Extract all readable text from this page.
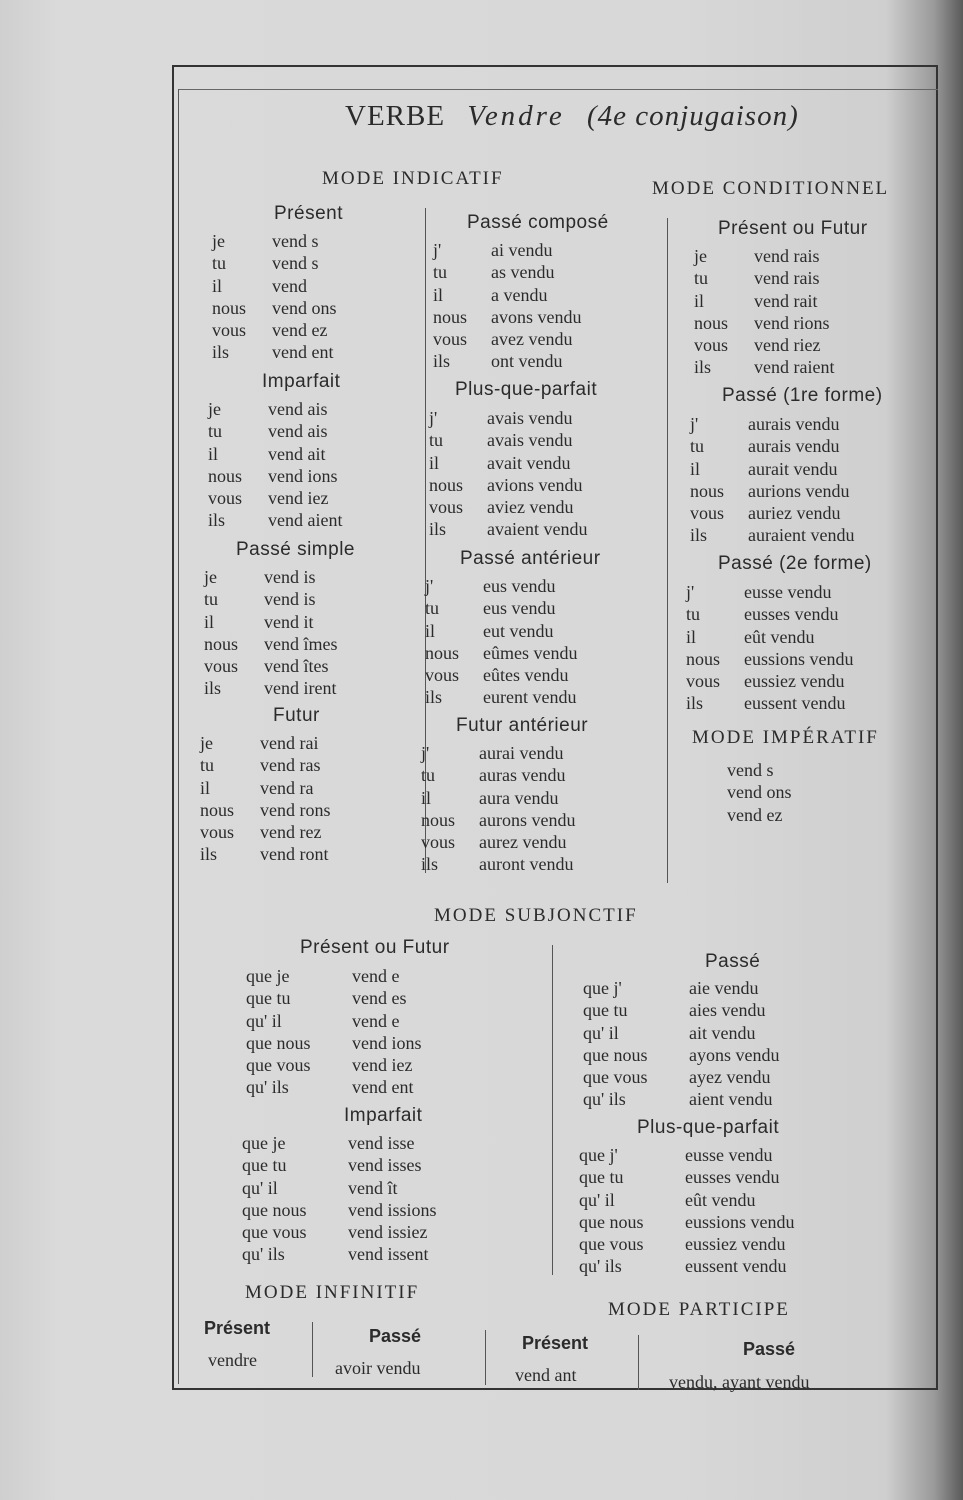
VERBE Vendre (4e conjugaison)
MODE INDICATIF	MODE CONDITIONNEL
Présent
je
tu
il
nous
vous
ils
vend s
vend s
vend
vend ons
vend ez
vend ent
Imparfait
je
tu
il
nous
vous
ils
vend ais
vend ais
vend ait
vend ions
vend iez
vend aient
Passé simple
je
tu
il
nous
vous
ils
vend is
vend is
vend it
vend îmes
vend îtes
vend irent
Futur
je
tu
il
nous
vous
ils
vend rai
vend ras
vend ra
vend rons
vend rez
vend ront
Passé composé
j'
tu
il
nous
vous
ils
ai vendu
as vendu
a vendu
avons vendu
avez vendu
ont vendu
Plus-que-parfait
j'
tu
il
nous
vous
ils
avais vendu
avais vendu
avait vendu
avions vendu
aviez vendu
avaient vendu
Passé antérieur
j'
tu
il
nous
vous
ils
eus vendu
eus vendu
eut vendu
eûmes vendu
eûtes vendu
eurent vendu
Futur antérieur
j'
tu
il
nous
vous
ils
aurai vendu
auras vendu
aura vendu
aurons vendu
aurez vendu
auront vendu
Présent ou Futur
je
tu
il
nous
vous
ils
vend rais
vend rais
vend rait
vend rions
vend riez
vend raient
Passé (1re forme)
j'
tu
il
nous
vous
ils
aurais vendu
aurais vendu
aurait vendu
aurions vendu
auriez vendu
auraient vendu
Passé (2e forme)
j'
tu
il
nous
vous
ils
eusse vendu
eusses vendu
eût vendu
eussions vendu
eussiez vendu
eussent vendu
MODE IMPÉRATIF
vend s
vend ons
vend ez
MODE SUBJONCTIF
Présent ou Futur
que je
que tu
qu' il
que nous
que vous
qu' ils
vend e
vend es
vend e
vend ions
vend iez
vend ent
Imparfait
que je
que tu
qu' il
que nous
que vous
qu' ils
vend isse
vend isses
vend ît
vend issions
vend issiez
vend issent
Passé
que j'
que tu
qu' il
que nous
que vous
qu' ils
aie vendu
aies vendu
ait vendu
ayons vendu
ayez vendu
aient vendu
Plus-que-parfait
que j'
que tu
qu' il
que nous
que vous
qu' ils
eusse vendu
eusses vendu
eût vendu
eussions vendu
eussiez vendu
eussent vendu
MODE INFINITIF
Présent
vendre
Passé
avoir vendu
MODE PARTICIPE
Présent
vend ant
Passé
vendu, ayant vendu
